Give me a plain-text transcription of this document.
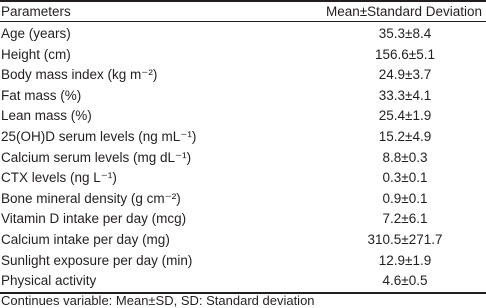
Parameters	Mean±Standard Deviation
Age (years)	35.3±8.4
Height (cm)	156.6±5.1
Body mass index (kg m⁻²)	24.9±3.7
Fat mass (%)	33.3±4.1
Lean mass (%)	25.4±1.9
25(OH)D serum levels (ng mL⁻¹)	15.2±4.9
Calcium serum levels (mg dL⁻¹)	8.8±0.3
CTX levels (ng L⁻¹)	0.3±0.1
Bone mineral density (g cm⁻²)	0.9±0.1
Vitamin D intake per day (mcg)	7.2±6.1
Calcium intake per day (mg)	310.5±271.7
Sunlight exposure per day (min)	12.9±1.9
Physical activity	4.6±0.5
Continues variable: Mean±SD, SD: Standard deviation
